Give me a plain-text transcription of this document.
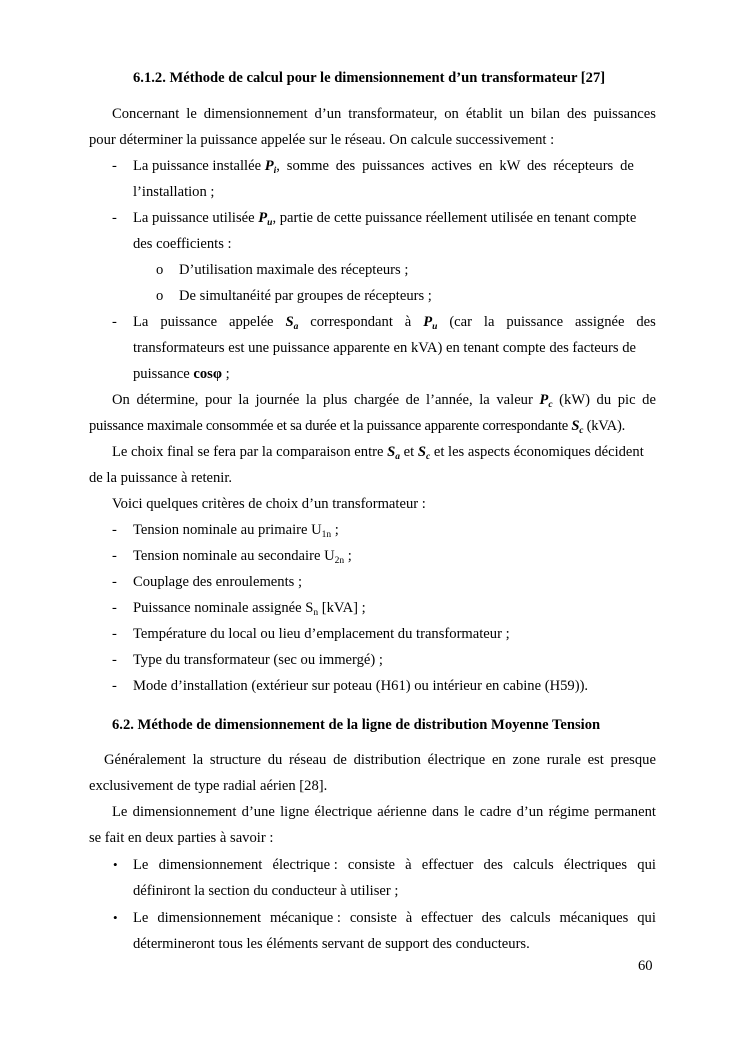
6.1.2. Méthode de calcul pour le dimensionnement d’un transformateur [27]
Concernant le dimensionnement d’un transformateur, on établit un bilan des puissances
pour déterminer la puissance appelée sur le réseau. On calcule successivement :
- La puissance installée $P_i$, somme des puissances actives en kW des récepteurs de
l’installation ;
- La puissance utilisée $P_u$, partie de cette puissance réellement utilisée en tenant compte
des coefficients :
o D’utilisation maximale des récepteurs ;
o De simultanéité par groupes de récepteurs ;
- La puissance appelée $S_a$ correspondant à $P_u$ (car la puissance assignée des
transformateurs est une puissance apparente en kVA) en tenant compte des facteurs de
puissance cosφ ;
On détermine, pour la journée la plus chargée de l’année, la valeur $P_c$ (kW) du pic de
puissance maximale consommée et sa durée et la puissance apparente correspondante $S_c$ (kVA).
Le choix final se fera par la comparaison entre $S_a$ et $S_c$ et les aspects économiques décident
de la puissance à retenir.
Voici quelques critères de choix d’un transformateur :
- Tension nominale au primaire $U_{1n}$ ;
- Tension nominale au secondaire $U_{2n}$ ;
- Couplage des enroulements ;
- Puissance nominale assignée $S_n$ [kVA] ;
- Température du local ou lieu d’emplacement du transformateur ;
- Type du transformateur (sec ou immergé) ;
- Mode d’installation (extérieur sur poteau (H61) ou intérieur en cabine (H59)).
6.2. Méthode de dimensionnement de la ligne de distribution Moyenne Tension
Généralement la structure du réseau de distribution électrique en zone rurale est presque
exclusivement de type radial aérien [28].
Le dimensionnement d’une ligne électrique aérienne dans le cadre d’un régime permanent
se fait en deux parties à savoir :
• Le dimensionnement électrique : consiste à effectuer des calculs électriques qui
définiront la section du conducteur à utiliser ;
• Le dimensionnement mécanique : consiste à effectuer des calculs mécaniques qui
détermineront tous les éléments servant de support des conducteurs.
60
